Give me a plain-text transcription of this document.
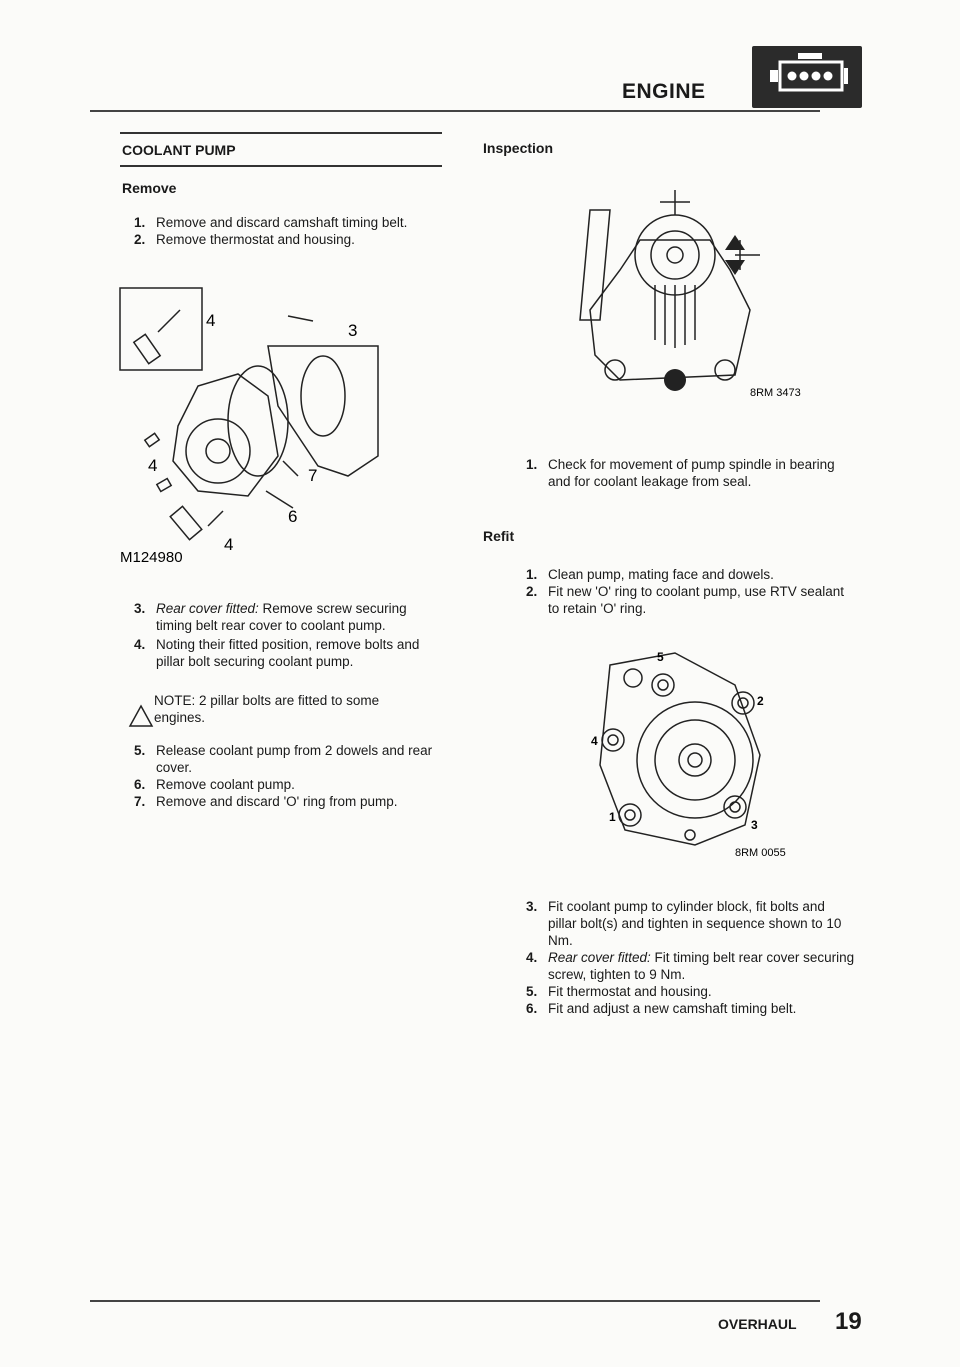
ENGINE
COOLANT PUMP
Remove
1. Remove and discard camshaft timing belt.
2. Remove thermostat and housing.
4
3
4
7
6
4
M124980
3. Rear cover fitted: Remove screw securing timing belt rear cover to coolant pump.
4. Noting their fitted position, remove bolts and pillar bolt securing coolant pump.
NOTE: 2 pillar bolts are fitted to some engines.
5. Release coolant pump from 2 dowels and rear cover.
6. Remove coolant pump.
7. Remove and discard 'O' ring from pump.
Inspection
8RM 3473
1. Check for movement of pump spindle in bearing and for coolant leakage from seal.
Refit
1. Clean pump, mating face and dowels.
2. Fit new 'O' ring to coolant pump, use RTV sealant to retain 'O' ring.
5
2
4
1
3
8RM 0055
3. Fit coolant pump to cylinder block, fit bolts and pillar bolt(s) and tighten in sequence shown to 10 Nm.
4. Rear cover fitted: Fit timing belt rear cover securing screw, tighten to 9 Nm.
5. Fit thermostat and housing.
6. Fit and adjust a new camshaft timing belt.
OVERHAUL 19
